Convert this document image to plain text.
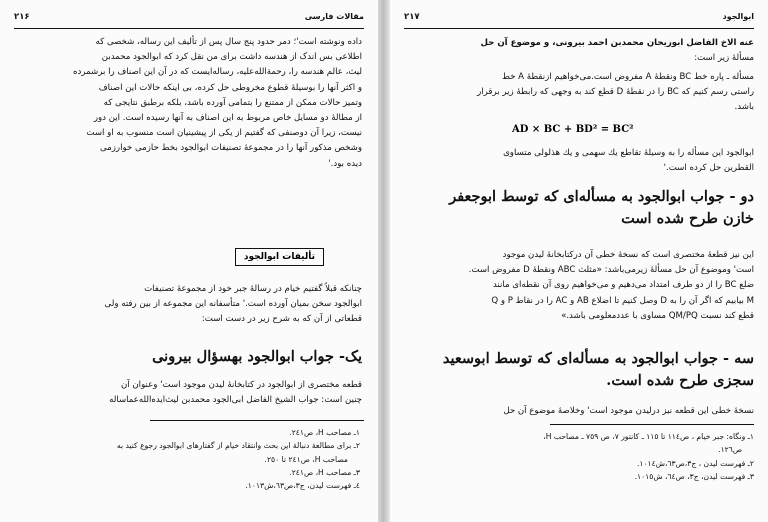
۲۱۶	مقالات فارسی

داده ونوشته است'؛ دمر حدود پنج سال پس از تألیف این رساله، شخصی که

اطلاعی بس اندک از هندسه داشت برای من نقل کرد که ابوالجود محمدبن

لیث، عالم هندسه را، رحمةالله‌علیه، رساله‌ایست که در آن این اصناف را برشمرده

و اکثر آنها را بوسیلهٔ قطوع مخروطی حل کرده، بی اینکه حالات این اصناف

وتمیز حالات ممکن از ممتنع را بتمامی آورده باشد، بلکه برطبق نتایجی که

از مطالهٔ دو مسایل خاص مربوط به این اصناف به آنها رسیده است. این دور

نیست، زیرا آن دوصنفی که گفتیم از یکی از پیشینیان است منسوب به او است

وشخص مذکور آنها را در مجموعهٔ تصنیفات ابوالجود بخط حازمی خوارزمی

دیده بود.'

تألیفات ابوالجود

چنانکه قبلاً گفتیم خیام در رسالهٔ جبر خود از مجموعهٔ تصنیفات

ابوالجود سخن بمیان آورده است.' متأسفانه این مجموعه از بین رفته ولی

قطعاتی از آن که به شرح زیر در دست است:

یک- جواب ابوالجود بهسؤال بیرونی

قطعه مختصری از ابوالجود در کتابخانهٔ لیدن موجود است' وعنوان آن

چنین است: جواب الشیخ الفاضل ابی‌الجود محمدبن لیث‌ایده‌الله‌عماساله

١ـ مصاحب H، ص٢٤١.
٢ـ برای مطالعهٔ دنبالهٔ این بحث وانتقاد خیام از گفتارهای ابوالجود رجوع کنید به
مصاحب H، ص٢٤١ تا ٢٥٠.
٣ـ مصاحب H، ص٢٤١.
٤ـ فهرست لیدن، ج٣،ص٦٣،ش١٠١٣.
۲۱۷	ابوالجود

عنه الاخ الفاضل ابوریحان محمدبن احمد بیرونی، و موضوع آن حل

مسألهٔ زیر است:

مسأله ـ پاره خط BC ونقطهٔ A مفروض است.می‌خواهیم ازنقطهٔ A خط

راستی رسم کنیم که BC را در نقطهٔ D قطع کند به وجهی که رابطهٔ زیر برقرار

باشد.

AD × BC + BD² = BC²

ابوالجود این مسأله را به وسیلهٔ تقاطع یك سهمی و یك هذلولی متساوی

القطرین حل کرده است.'

دو - جواب ابوالجود به مسأله‌ای که توسط ابوجعفر

خازن طرح شده است

این نیز قطعهٔ مختصری است که نسخهٔ خطی آن درکتابخانهٔ لیدن موجود

است' وموضوع آن حل مسألهٔ زیرمی‌باشد: «مثلث ABC ونقطهٔ D مفروض است.

ضلع BC را از دو طرف امتداد می‌دهیم و می‌خواهیم روی آن نقطه‌ای مانند

M بیابیم که اگر آن را به D وصل کنیم تا اضلاع AB و AC را در نقاط P و Q

قطع کند نسبت QM/PQ مساوی با عددمعلومی باشد.»

سه - جواب ابوالجود به مسأله‌ای که توسط ابوسعید

سجزی طرح شده است.

نسخهٔ خطی این قطعه نیز درلیدن موجود است' وخلاصهٔ موضوع آن حل

١ـ ونگاه: جبر خیام ، ص١١٤ تا ١١٥ ـ کانتور ٧، ص ٧٥٩ ـ مصاحب H،
ص١٢٦.
٢ـ فهرست لیدن ، ج٣،ص٦٣،ش١٠١٤.
٣ـ فهرست لیدن، ج٣، ص٦٤، ش١٠١٥.
